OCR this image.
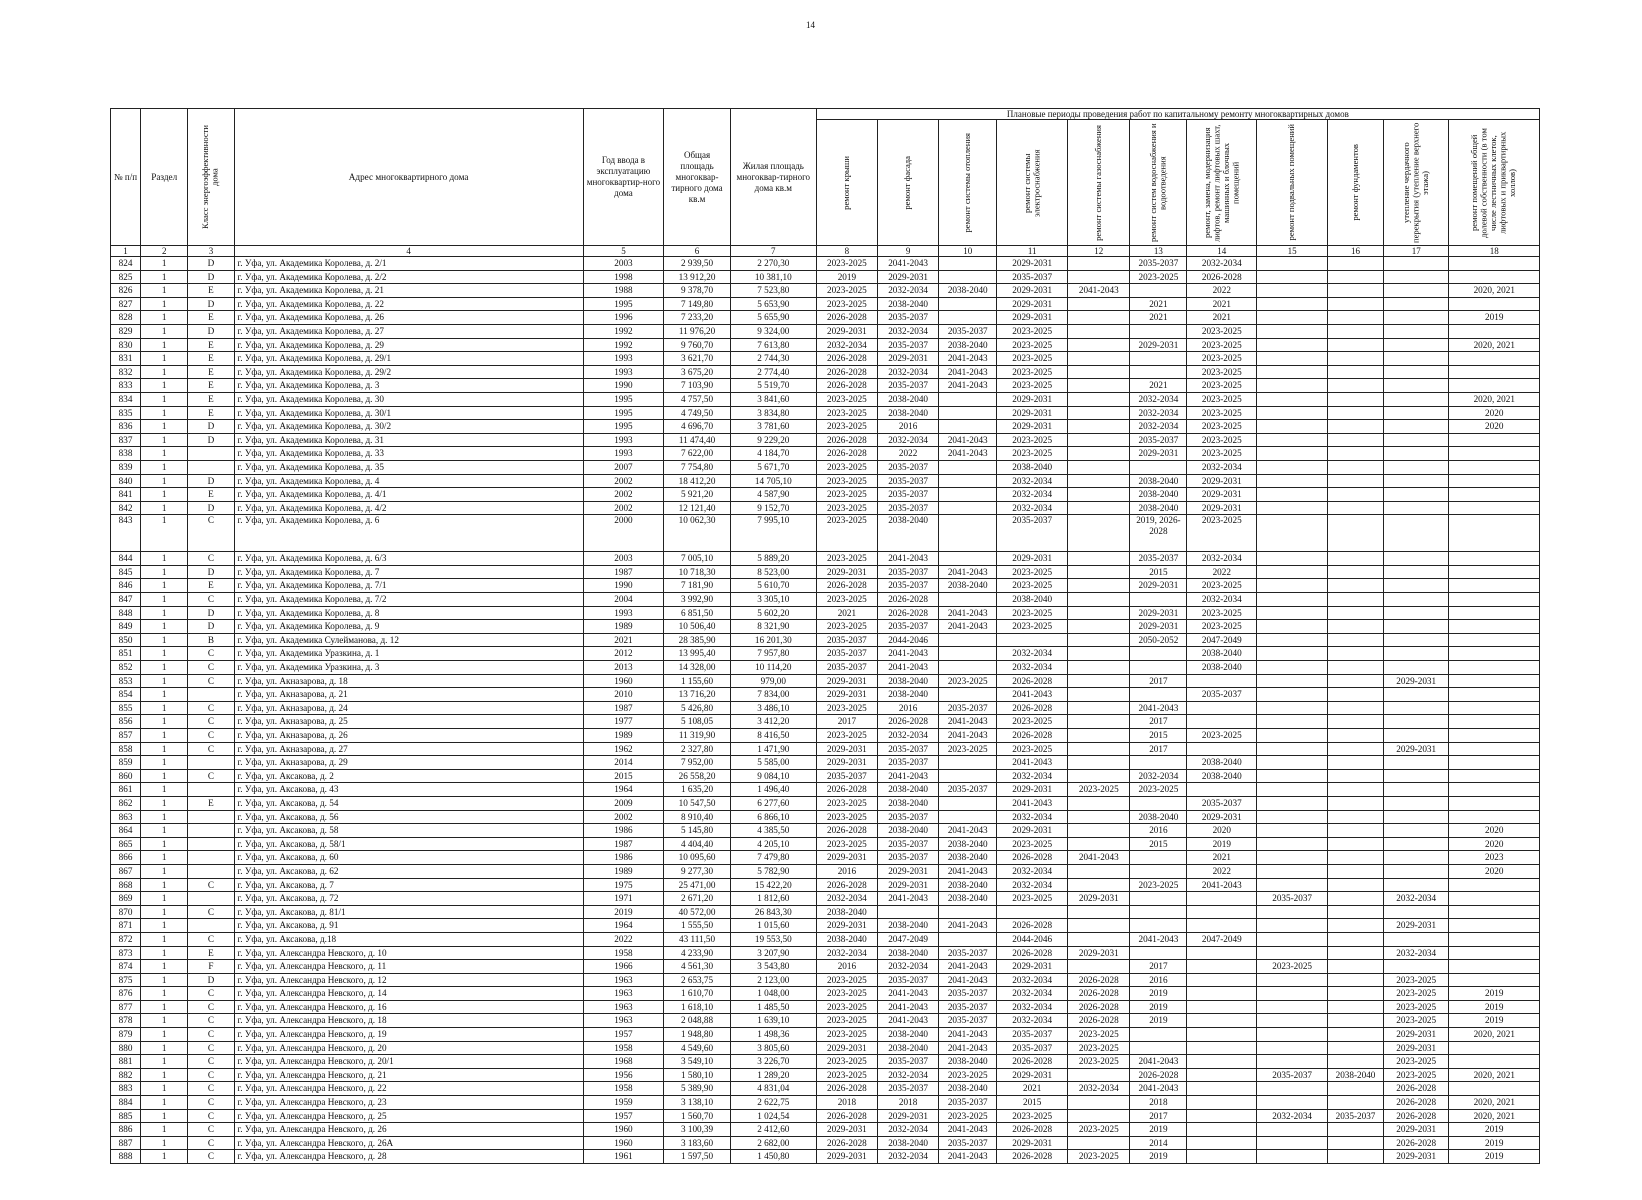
14
№ п/п	Раздел	Класс энергоэффективности дома	Адрес многоквартирного дома	Год ввода в эксплуатацию многоквартир-ного дома	Общая площадь многоквар-тирного дома кв.м	Жилая площадь многоквар-тирного дома кв.м	Плановые периоды проведения работ по капитальному ремонту многоквартирных домов										

							ремонт крыши	ремонт фасада	ремонт системы отопления	ремонт системы электроснабжения	ремонт системы газоснабжения	ремонт систем водоснабжения и водоотведения	ремонт, замена, модернизация лифтов, ремонт лифтовых шахт, машинных и блочных помещений	ремонт подвальных помещений	ремонт фундаментов	утепление чердачного перекрытия (утепление верхнего этажа)	ремонт помещений общей долевой собственности (в том числе лестничных клеток, лифтовых и приквартирных холлов)

1	2	3	4	5	6	7	8	9	10	11	12	13	14	15	16	17	18
824	1	D	г. Уфа, ул. Академика Королева, д. 2/1	2003	2 939,50	2 270,30	2023-2025	2041-2043		2029-2031		2035-2037	2032-2034				
825	1	D	г. Уфа, ул. Академика Королева, д. 2/2	1998	13 912,20	10 381,10	2019	2029-2031		2035-2037		2023-2025	2026-2028				
826	1	E	г. Уфа, ул. Академика Королева, д. 21	1988	9 378,70	7 523,80	2023-2025	2032-2034	2038-2040	2029-2031	2041-2043		2022				2020, 2021
827	1	D	г. Уфа, ул. Академика Королева, д. 22	1995	7 149,80	5 653,90	2023-2025	2038-2040		2029-2031		2021	2021				
828	1	E	г. Уфа, ул. Академика Королева, д. 26	1996	7 233,20	5 655,90	2026-2028	2035-2037		2029-2031		2021	2021				2019
829	1	D	г. Уфа, ул. Академика Королева, д. 27	1992	11 976,20	9 324,00	2029-2031	2032-2034	2035-2037	2023-2025			2023-2025				
830	1	E	г. Уфа, ул. Академика Королева, д. 29	1992	9 760,70	7 613,80	2032-2034	2035-2037	2038-2040	2023-2025		2029-2031	2023-2025				2020, 2021
831	1	E	г. Уфа, ул. Академика Королева, д. 29/1	1993	3 621,70	2 744,30	2026-2028	2029-2031	2041-2043	2023-2025			2023-2025				
832	1	E	г. Уфа, ул. Академика Королева, д. 29/2	1993	3 675,20	2 774,40	2026-2028	2032-2034	2041-2043	2023-2025			2023-2025				
833	1	E	г. Уфа, ул. Академика Королева, д. 3	1990	7 103,90	5 519,70	2026-2028	2035-2037	2041-2043	2023-2025		2021	2023-2025				
834	1	E	г. Уфа, ул. Академика Королева, д. 30	1995	4 757,50	3 841,60	2023-2025	2038-2040		2029-2031		2032-2034	2023-2025				2020, 2021
835	1	E	г. Уфа, ул. Академика Королева, д. 30/1	1995	4 749,50	3 834,80	2023-2025	2038-2040		2029-2031		2032-2034	2023-2025				2020
836	1	D	г. Уфа, ул. Академика Королева, д. 30/2	1995	4 696,70	3 781,60	2023-2025	2016		2029-2031		2032-2034	2023-2025				2020
837	1	D	г. Уфа, ул. Академика Королева, д. 31	1993	11 474,40	9 229,20	2026-2028	2032-2034	2041-2043	2023-2025		2035-2037	2023-2025				
838	1		г. Уфа, ул. Академика Королева, д. 33	1993	7 622,00	4 184,70	2026-2028	2022	2041-2043	2023-2025		2029-2031	2023-2025				
839	1		г. Уфа, ул. Академика Королева, д. 35	2007	7 754,80	5 671,70	2023-2025	2035-2037		2038-2040			2032-2034				
840	1	D	г. Уфа, ул. Академика Королева, д. 4	2002	18 412,20	14 705,10	2023-2025	2035-2037		2032-2034		2038-2040	2029-2031				
841	1	E	г. Уфа, ул. Академика Королева, д. 4/1	2002	5 921,20	4 587,90	2023-2025	2035-2037		2032-2034		2038-2040	2029-2031				
842	1	D	г. Уфа, ул. Академика Королева, д. 4/2	2002	12 121,40	9 152,70	2023-2025	2035-2037		2032-2034		2038-2040	2029-2031				
843	1	C	г. Уфа, ул. Академика Королева, д. 6	2000	10 062,30	7 995,10	2023-2025	2038-2040		2035-2037		2019, 2026-2028	2023-2025				
844	1	C	г. Уфа, ул. Академика Королева, д. 6/3	2003	7 005,10	5 889,20	2023-2025	2041-2043		2029-2031		2035-2037	2032-2034				
845	1	D	г. Уфа, ул. Академика Королева, д. 7	1987	10 718,30	8 523,00	2029-2031	2035-2037	2041-2043	2023-2025		2015	2022				
846	1	E	г. Уфа, ул. Академика Королева, д. 7/1	1990	7 181,90	5 610,70	2026-2028	2035-2037	2038-2040	2023-2025		2029-2031	2023-2025				
847	1	C	г. Уфа, ул. Академика Королева, д. 7/2	2004	3 992,90	3 305,10	2023-2025	2026-2028		2038-2040			2032-2034				
848	1	D	г. Уфа, ул. Академика Королева, д. 8	1993	6 851,50	5 602,20	2021	2026-2028	2041-2043	2023-2025		2029-2031	2023-2025				
849	1	D	г. Уфа, ул. Академика Королева, д. 9	1989	10 506,40	8 321,90	2023-2025	2035-2037	2041-2043	2023-2025		2029-2031	2023-2025				
850	1	B	г. Уфа, ул. Академика Сулейманова, д. 12	2021	28 385,90	16 201,30	2035-2037	2044-2046				2050-2052	2047-2049				
851	1	C	г. Уфа, ул. Академика Уразкина, д. 1	2012	13 995,40	7 957,80	2035-2037	2041-2043		2032-2034			2038-2040				
852	1	C	г. Уфа, ул. Академика Уразкина, д. 3	2013	14 328,00	10 114,20	2035-2037	2041-2043		2032-2034			2038-2040				
853	1	C	г. Уфа, ул. Акназарова, д. 18	1960	1 155,60	979,00	2029-2031	2038-2040	2023-2025	2026-2028		2017				2029-2031	
854	1		г. Уфа, ул. Акназарова, д. 21	2010	13 716,20	7 834,00	2029-2031	2038-2040		2041-2043			2035-2037				
855	1	C	г. Уфа, ул. Акназарова, д. 24	1987	5 426,80	3 486,10	2023-2025	2016	2035-2037	2026-2028		2041-2043					
856	1	C	г. Уфа, ул. Акназарова, д. 25	1977	5 108,05	3 412,20	2017	2026-2028	2041-2043	2023-2025		2017					
857	1	C	г. Уфа, ул. Акназарова, д. 26	1989	11 319,90	8 416,50	2023-2025	2032-2034	2041-2043	2026-2028		2015	2023-2025				
858	1	C	г. Уфа, ул. Акназарова, д. 27	1962	2 327,80	1 471,90	2029-2031	2035-2037	2023-2025	2023-2025		2017				2029-2031	
859	1		г. Уфа, ул. Акназарова, д. 29	2014	7 952,00	5 585,00	2029-2031	2035-2037		2041-2043			2038-2040				
860	1	C	г. Уфа, ул. Аксакова, д. 2	2015	26 558,20	9 084,10	2035-2037	2041-2043		2032-2034		2032-2034	2038-2040				
861	1		г. Уфа, ул. Аксакова, д. 43	1964	1 635,20	1 496,40	2026-2028	2038-2040	2035-2037	2029-2031	2023-2025	2023-2025					
862	1	E	г. Уфа, ул. Аксакова, д. 54	2009	10 547,50	6 277,60	2023-2025	2038-2040		2041-2043			2035-2037				
863	1		г. Уфа, ул. Аксакова, д. 56	2002	8 910,40	6 866,10	2023-2025	2035-2037		2032-2034		2038-2040	2029-2031				
864	1		г. Уфа, ул. Аксакова, д. 58	1986	5 145,80	4 385,50	2026-2028	2038-2040	2041-2043	2029-2031		2016	2020				2020
865	1		г. Уфа, ул. Аксакова, д. 58/1	1987	4 404,40	4 205,10	2023-2025	2035-2037	2038-2040	2023-2025		2015	2019				2020
866	1		г. Уфа, ул. Аксакова, д. 60	1986	10 095,60	7 479,80	2029-2031	2035-2037	2038-2040	2026-2028	2041-2043		2021				2023
867	1		г. Уфа, ул. Аксакова, д. 62	1989	9 277,30	5 782,90	2016	2029-2031	2041-2043	2032-2034			2022				2020
868	1	C	г. Уфа, ул. Аксакова, д. 7	1975	25 471,00	15 422,20	2026-2028	2029-2031	2038-2040	2032-2034		2023-2025	2041-2043				
869	1		г. Уфа, ул. Аксакова, д. 72	1971	2 671,20	1 812,60	2032-2034	2041-2043	2038-2040	2023-2025	2029-2031			2035-2037		2032-2034	
870	1	C	г. Уфа, ул. Аксакова, д. 81/1	2019	40 572,00	26 843,30	2038-2040										
871	1		г. Уфа, ул. Аксакова, д. 91	1964	1 555,50	1 015,60	2029-2031	2038-2040	2041-2043	2026-2028						2029-2031	
872	1	C	г. Уфа, ул. Аксакова, д.18	2022	43 111,50	19 553,50	2038-2040	2047-2049		2044-2046		2041-2043	2047-2049				
873	1	E	г. Уфа, ул. Александра Невского, д. 10	1958	4 233,90	3 207,90	2032-2034	2038-2040	2035-2037	2026-2028	2029-2031					2032-2034	
874	1	F	г. Уфа, ул. Александра Невского, д. 11	1966	4 561,30	3 543,80	2016	2032-2034	2041-2043	2029-2031		2017		2023-2025			
875	1	D	г. Уфа, ул. Александра Невского, д. 12	1963	2 653,75	2 123,00	2023-2025	2035-2037	2041-2043	2032-2034	2026-2028	2016				2023-2025	
876	1	C	г. Уфа, ул. Александра Невского, д. 14	1963	1 610,70	1 048,00	2023-2025	2041-2043	2035-2037	2032-2034	2026-2028	2019				2023-2025	2019
877	1	C	г. Уфа, ул. Александра Невского, д. 16	1963	1 618,10	1 485,50	2023-2025	2041-2043	2035-2037	2032-2034	2026-2028	2019				2023-2025	2019
878	1	C	г. Уфа, ул. Александра Невского, д. 18	1963	2 048,88	1 639,10	2023-2025	2041-2043	2035-2037	2032-2034	2026-2028	2019				2023-2025	2019
879	1	C	г. Уфа, ул. Александра Невского, д. 19	1957	1 948,80	1 498,36	2023-2025	2038-2040	2041-2043	2035-2037	2023-2025					2029-2031	2020, 2021
880	1	C	г. Уфа, ул. Александра Невского, д. 20	1958	4 549,60	3 805,60	2029-2031	2038-2040	2041-2043	2035-2037	2023-2025					2029-2031	
881	1	C	г. Уфа, ул. Александра Невского, д. 20/1	1968	3 549,10	3 226,70	2023-2025	2035-2037	2038-2040	2026-2028	2023-2025	2041-2043				2023-2025	
882	1	C	г. Уфа, ул. Александра Невского, д. 21	1956	1 580,10	1 289,20	2023-2025	2032-2034	2023-2025	2029-2031		2026-2028		2035-2037	2038-2040	2023-2025	2020, 2021
883	1	C	г. Уфа, ул. Александра Невского, д. 22	1958	5 389,90	4 831,04	2026-2028	2035-2037	2038-2040	2021	2032-2034	2041-2043				2026-2028	
884	1	C	г. Уфа, ул. Александра Невского, д. 23	1959	3 138,10	2 622,75	2018	2018	2035-2037	2015		2018				2026-2028	2020, 2021
885	1	C	г. Уфа, ул. Александра Невского, д. 25	1957	1 560,70	1 024,54	2026-2028	2029-2031	2023-2025	2023-2025		2017		2032-2034	2035-2037	2026-2028	2020, 2021
886	1	C	г. Уфа, ул. Александра Невского, д. 26	1960	3 100,39	2 412,60	2029-2031	2032-2034	2041-2043	2026-2028	2023-2025	2019				2029-2031	2019
887	1	C	г. Уфа, ул. Александра Невского, д. 26А	1960	3 183,60	2 682,00	2026-2028	2038-2040	2035-2037	2029-2031		2014				2026-2028	2019
888	1	C	г. Уфа, ул. Александра Невского, д. 28	1961	1 597,50	1 450,80	2029-2031	2032-2034	2041-2043	2026-2028	2023-2025	2019				2029-2031	2019
